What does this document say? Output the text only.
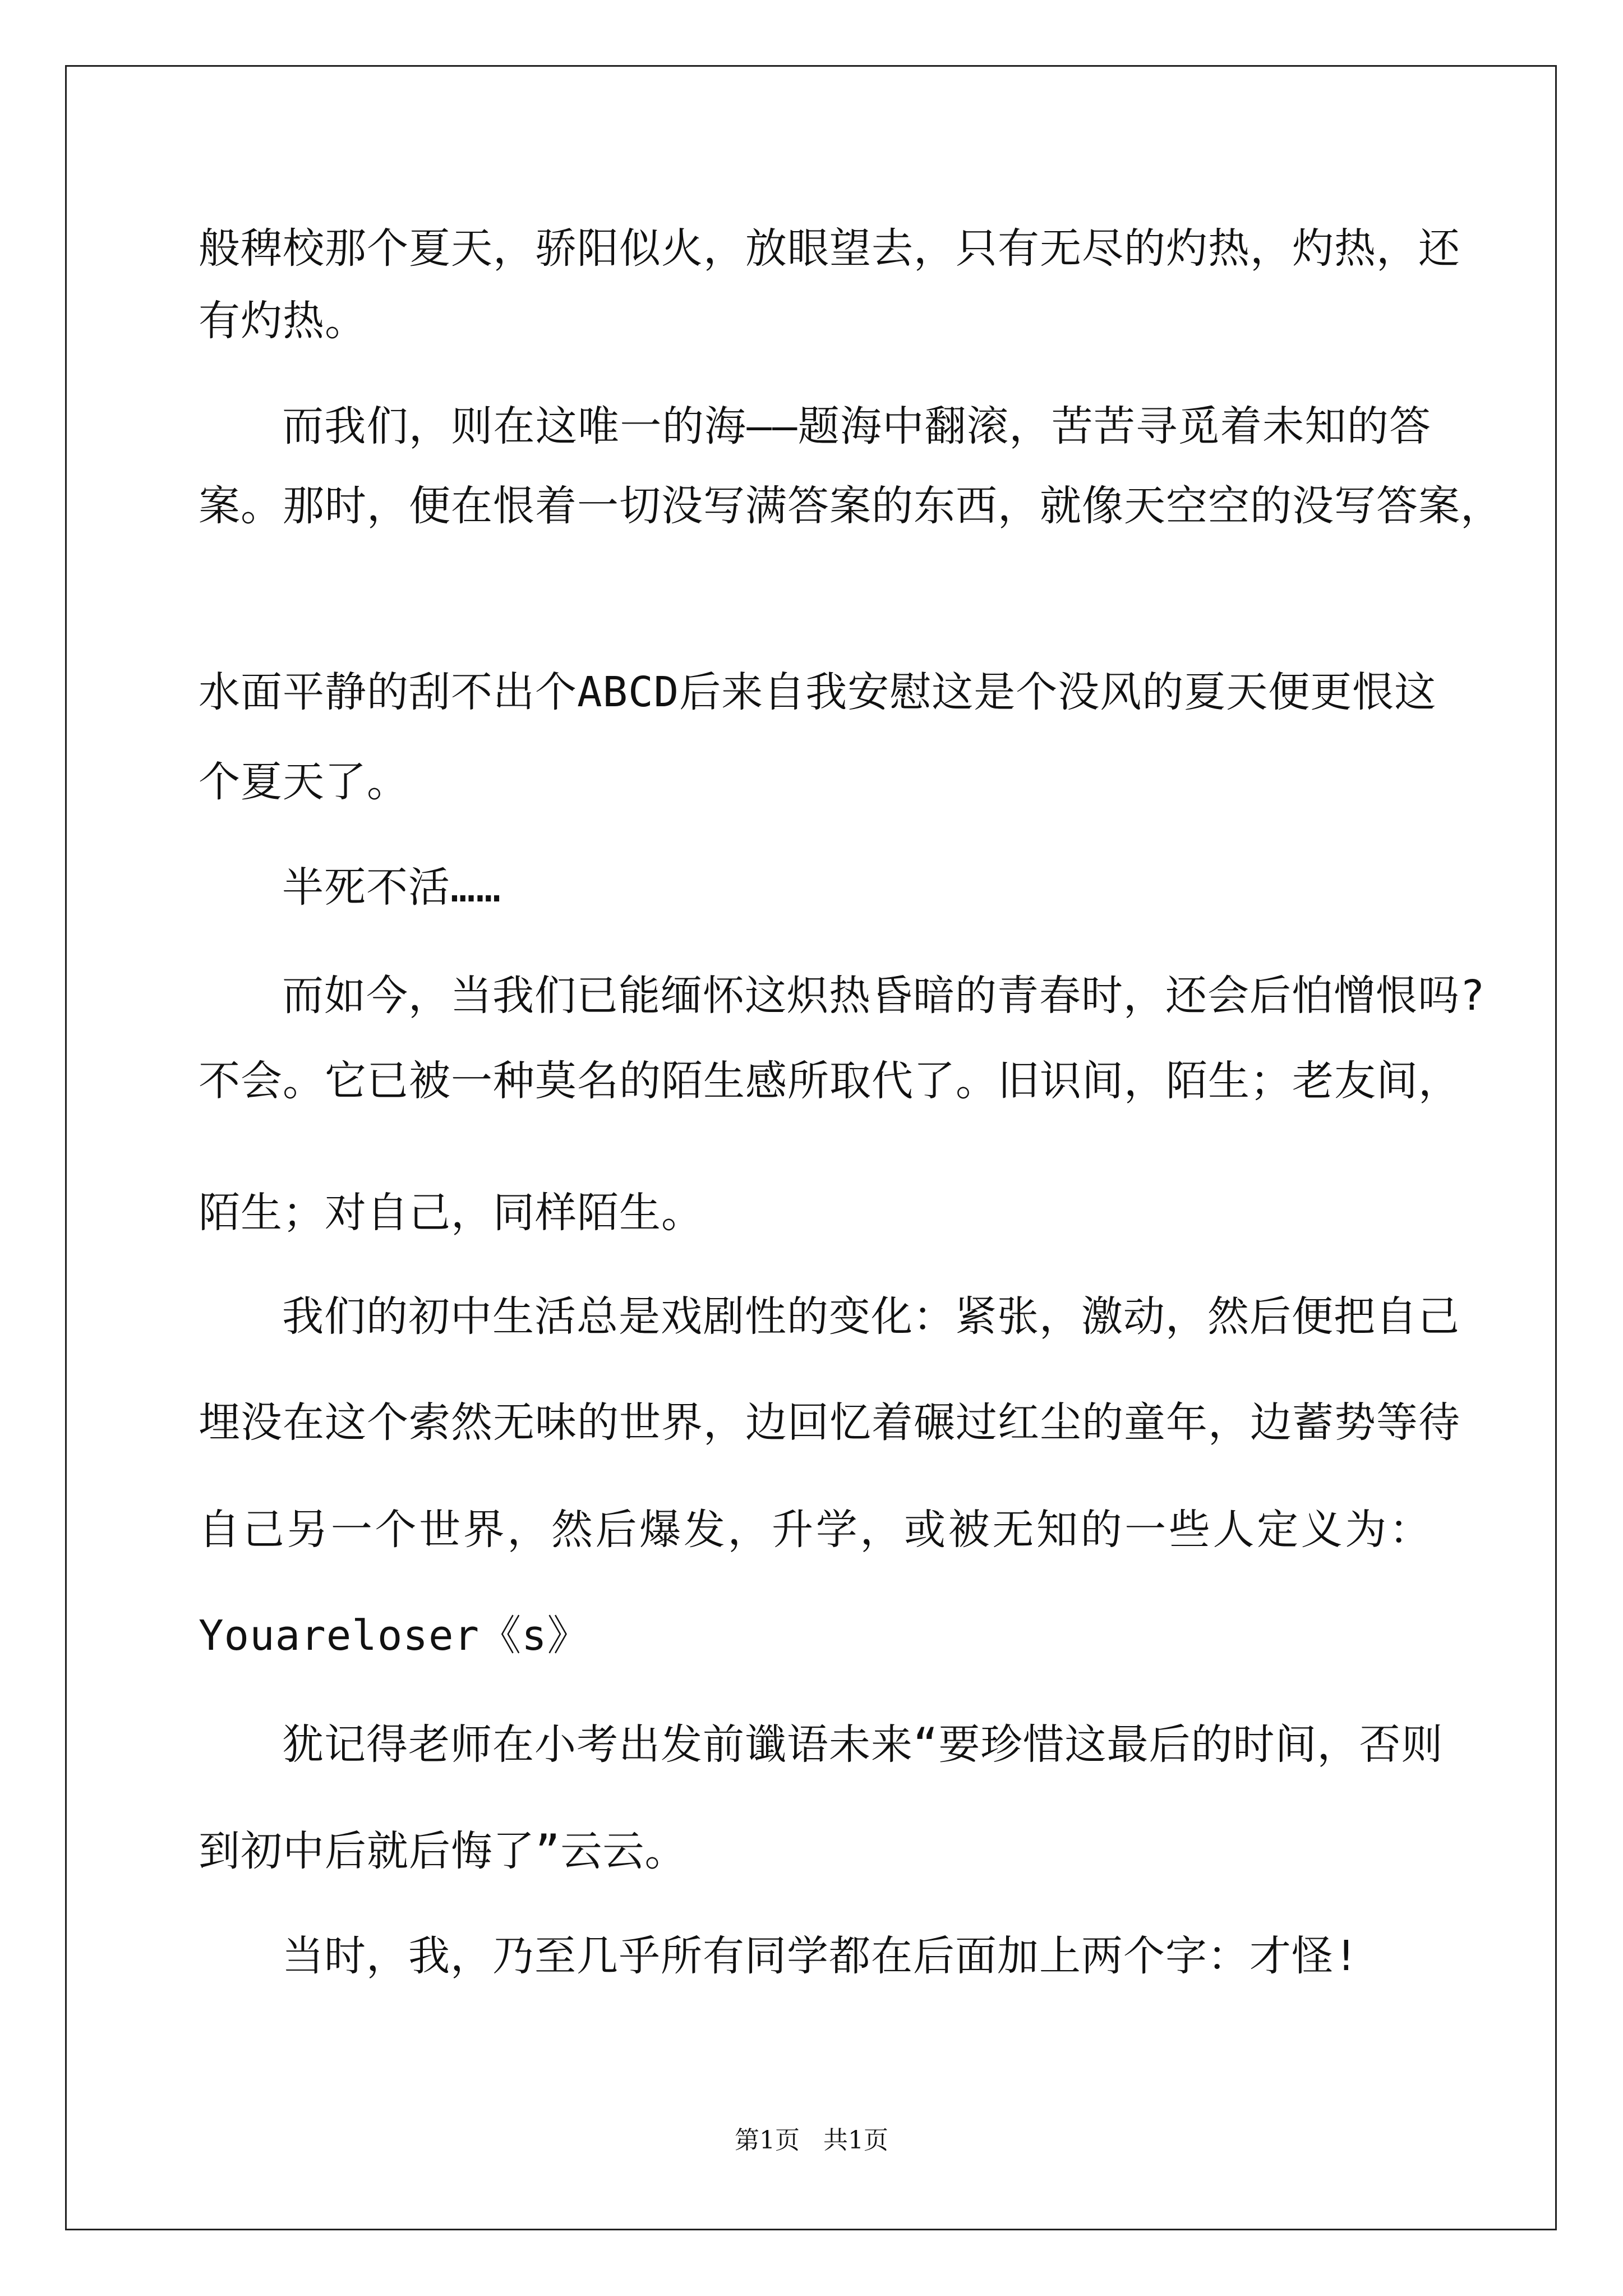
般稗校那个夏天，骄阳似火，放眼望去，只有无尽的灼热，灼热，还
有灼热。
而我们，则在这唯一的海——题海中翻滚，苦苦寻觅着未知的答
案。那时，便在恨着一切没写满答案的东西，就像天空空的没写答案，
水面平静的刮不出个ABCD后来自我安慰这是个没风的夏天便更恨这
个夏天了。
半死不活……
而如今，当我们已能缅怀这炽热昏暗的青春时，还会后怕憎恨吗?
不会。它已被一种莫名的陌生感所取代了。旧识间，陌生；老友间，
陌生；对自己，同样陌生。
我们的初中生活总是戏剧性的变化：紧张，激动，然后便把自己
埋没在这个索然无味的世界，边回忆着碾过红尘的童年，边蓄势等待
自己另一个世界，然后爆发，升学，或被无知的一些人定义为：
Youareloser《s》
犹记得老师在小考出发前谶语未来“要珍惜这最后的时间，否则
到初中后就后悔了”云云。
当时，我，乃至几乎所有同学都在后面加上两个字：才怪!
第1页   共1页
